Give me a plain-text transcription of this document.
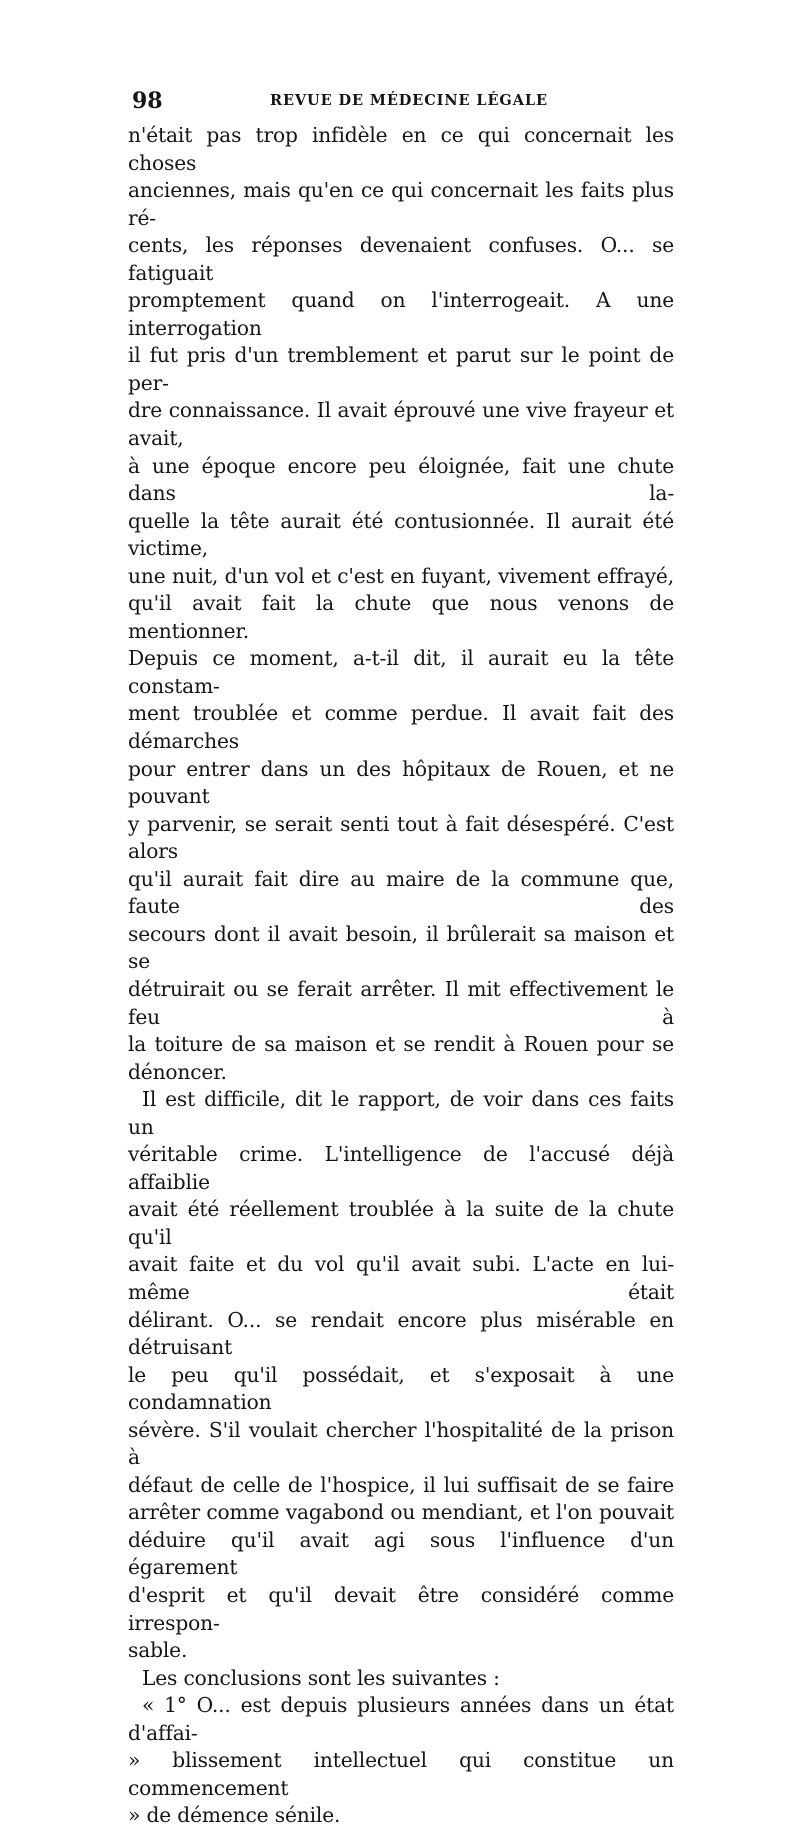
98	REVUE DE MÉDECINE LÉGALE

n'était pas trop infidèle en ce qui concernait les choses

anciennes, mais qu'en ce qui concernait les faits plus ré-

cents, les réponses devenaient confuses. O... se fatiguait

promptement quand on l'interrogeait. A une interrogation

il fut pris d'un tremblement et parut sur le point de per-

dre connaissance. Il avait éprouvé une vive frayeur et avait,

à une époque encore peu éloignée, fait une chute dans la-

quelle la tête aurait été contusionnée. Il aurait été victime,

une nuit, d'un vol et c'est en fuyant, vivement effrayé,

qu'il avait fait la chute que nous venons de mentionner.

Depuis ce moment, a-t-il dit, il aurait eu la tête constam-

ment troublée et comme perdue. Il avait fait des démarches

pour entrer dans un des hôpitaux de Rouen, et ne pouvant

y parvenir, se serait senti tout à fait désespéré. C'est alors

qu'il aurait fait dire au maire de la commune que, faute des

secours dont il avait besoin, il brûlerait sa maison et se

détruirait ou se ferait arrêter. Il mit effectivement le feu à

la toiture de sa maison et se rendit à Rouen pour se

dénoncer.

Il est difficile, dit le rapport, de voir dans ces faits un

véritable crime. L'intelligence de l'accusé déjà affaiblie

avait été réellement troublée à la suite de la chute qu'il

avait faite et du vol qu'il avait subi. L'acte en lui-même était

délirant. O... se rendait encore plus misérable en détruisant

le peu qu'il possédait, et s'exposait à une condamnation

sévère. S'il voulait chercher l'hospitalité de la prison à

défaut de celle de l'hospice, il lui suffisait de se faire

arrêter comme vagabond ou mendiant, et l'on pouvait

déduire qu'il avait agi sous l'influence d'un égarement

d'esprit et qu'il devait être considéré comme irrespon-

sable.

Les conclusions sont les suivantes :

« 1° O... est depuis plusieurs années dans un état d'affai-

» blissement intellectuel qui constitue un commencement

» de démence sénile.
